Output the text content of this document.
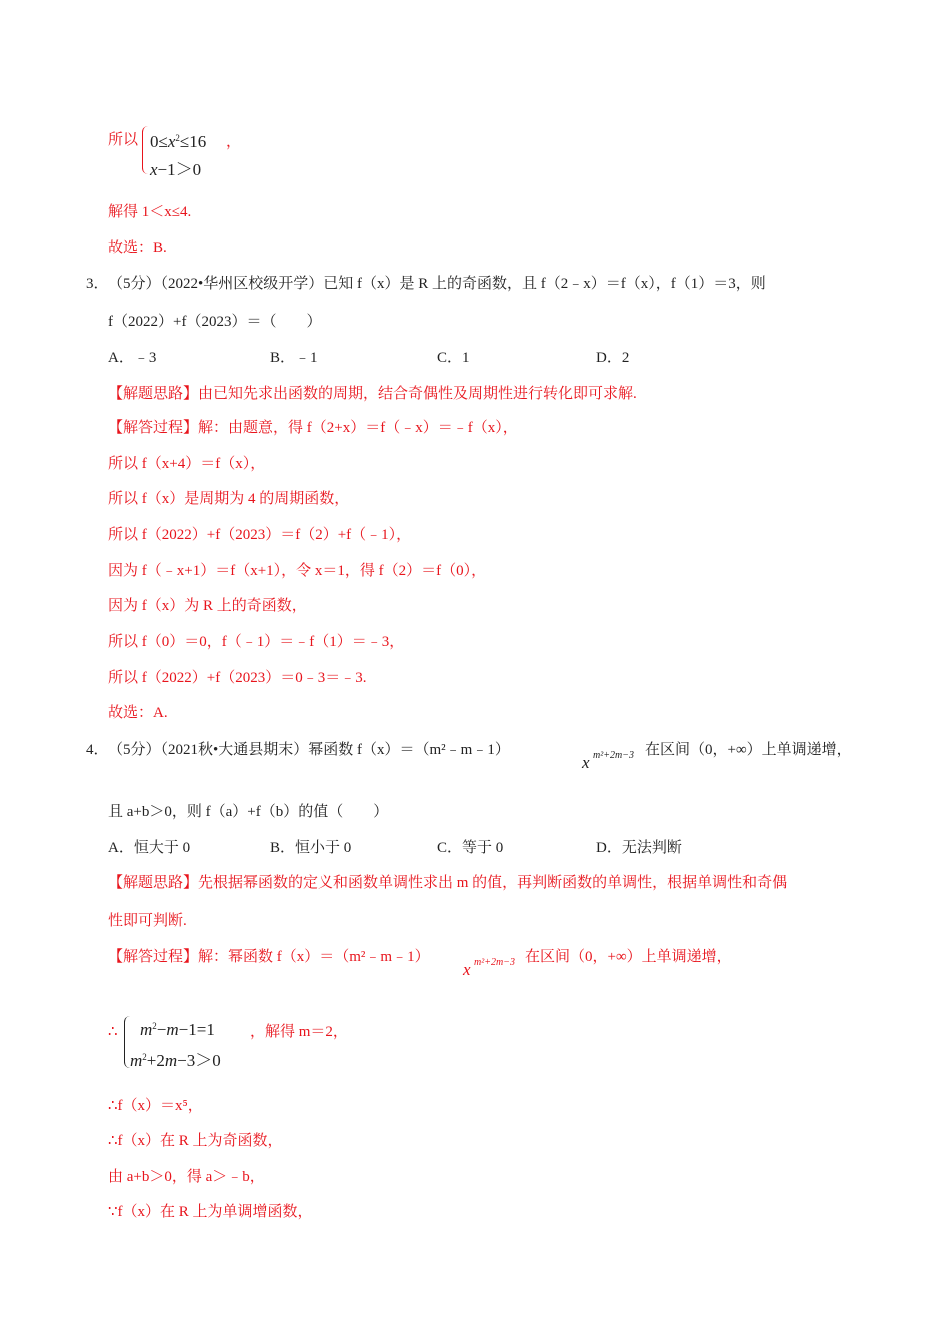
所以 $0\le x^2\le 16$ ，
x−1＞0
解得 1＜x≤4.
故选：B.
3． （5分）（2022•华州区校级开学）已知 f（x）是 R 上的奇函数，且 f（2﹣x）＝f（x），f（1）＝3，则
f（2022）+f（2023）＝（　　）
A．﹣3	B．﹣1	C．1	D．2
【解题思路】由已知先求出函数的周期，结合奇偶性及周期性进行转化即可求解.
【解答过程】解：由题意，得 f（2+x）＝f（﹣x）＝﹣f（x），
所以 f（x+4）＝f（x），
所以 f（x）是周期为 4 的周期函数，
所以 f（2022）+f（2023）＝f（2）+f（﹣1），
因为 f（﹣x+1）＝f（x+1），令 x＝1，得 f（2）＝f（0），
因为 f（x）为 R 上的奇函数，
所以 f（0）＝0，f（﹣1）＝﹣f（1）＝﹣3，
所以 f（2022）+f（2023）＝0﹣3＝﹣3.
故选：A.
4． （5分）（2021秋•大通县期末）幂函数 f（x）＝（m²﹣m﹣1）
x m²+2m−3 在区间（0，+∞）上单调递增，
且 a+b＞0，则 f（a）+f（b）的值（　　）
A．恒大于 0	B．恒小于 0	C．等于 0	D．无法判断
【解题思路】先根据幂函数的定义和函数单调性求出 m 的值，再判断函数的单调性，根据单调性和奇偶
性即可判断.
【解答过程】解：幂函数 f（x）＝（m²﹣m﹣1）
x m²+2m−3 在区间（0，+∞）上单调递增，
∴ $m^2-m-1=1$
$m^2+2m-3>0$
，解得 m＝2，
∴f（x）＝x⁵，
∴f（x）在 R 上为奇函数，
由 a+b＞0，得 a＞﹣b，
∵f（x）在 R 上为单调增函数，
